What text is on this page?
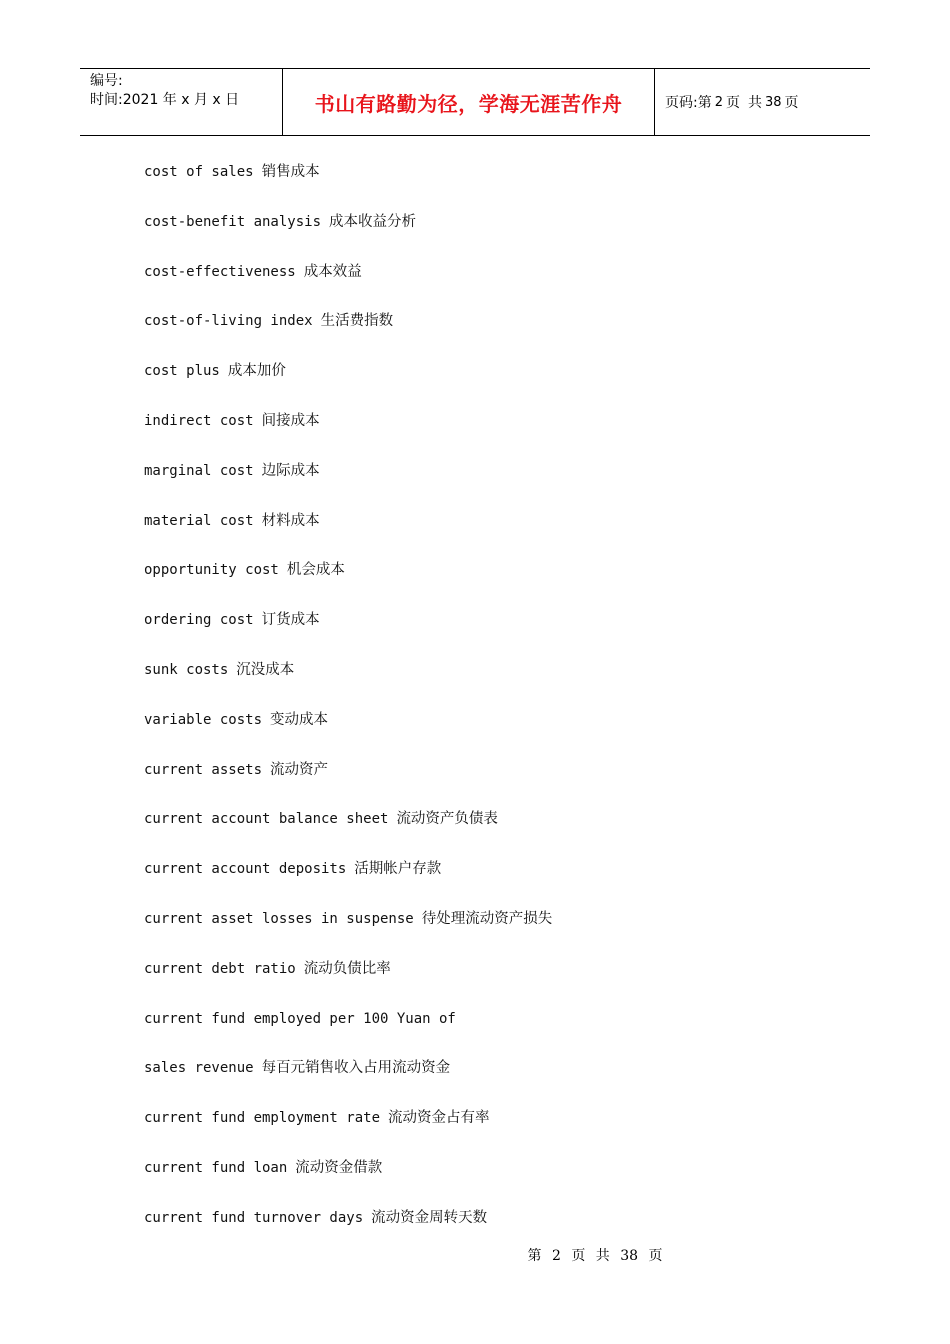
编号:
时间:2021 年 x 月 x 日	书山有路勤为径，学海无涯苦作舟	页码: 第 2 页 共 38 页
cost of sales 销售成本
cost-benefit analysis 成本收益分析
cost-effectiveness 成本效益
cost-of-living index 生活费指数
cost plus 成本加价
indirect cost 间接成本
marginal cost 边际成本
material cost 材料成本
opportunity cost 机会成本
ordering cost 订货成本
sunk costs 沉没成本
variable costs 变动成本
current assets 流动资产
current account balance sheet 流动资产负债表
current account deposits 活期帐户存款
current asset losses in suspense 待处理流动资产损失
current debt ratio 流动负债比率
current fund employed per 100 Yuan of
sales revenue 每百元销售收入占用流动资金
current fund employment rate 流动资金占有率
current fund loan 流动资金借款
current fund turnover days 流动资金周转天数
第 2 页 共 38 页
